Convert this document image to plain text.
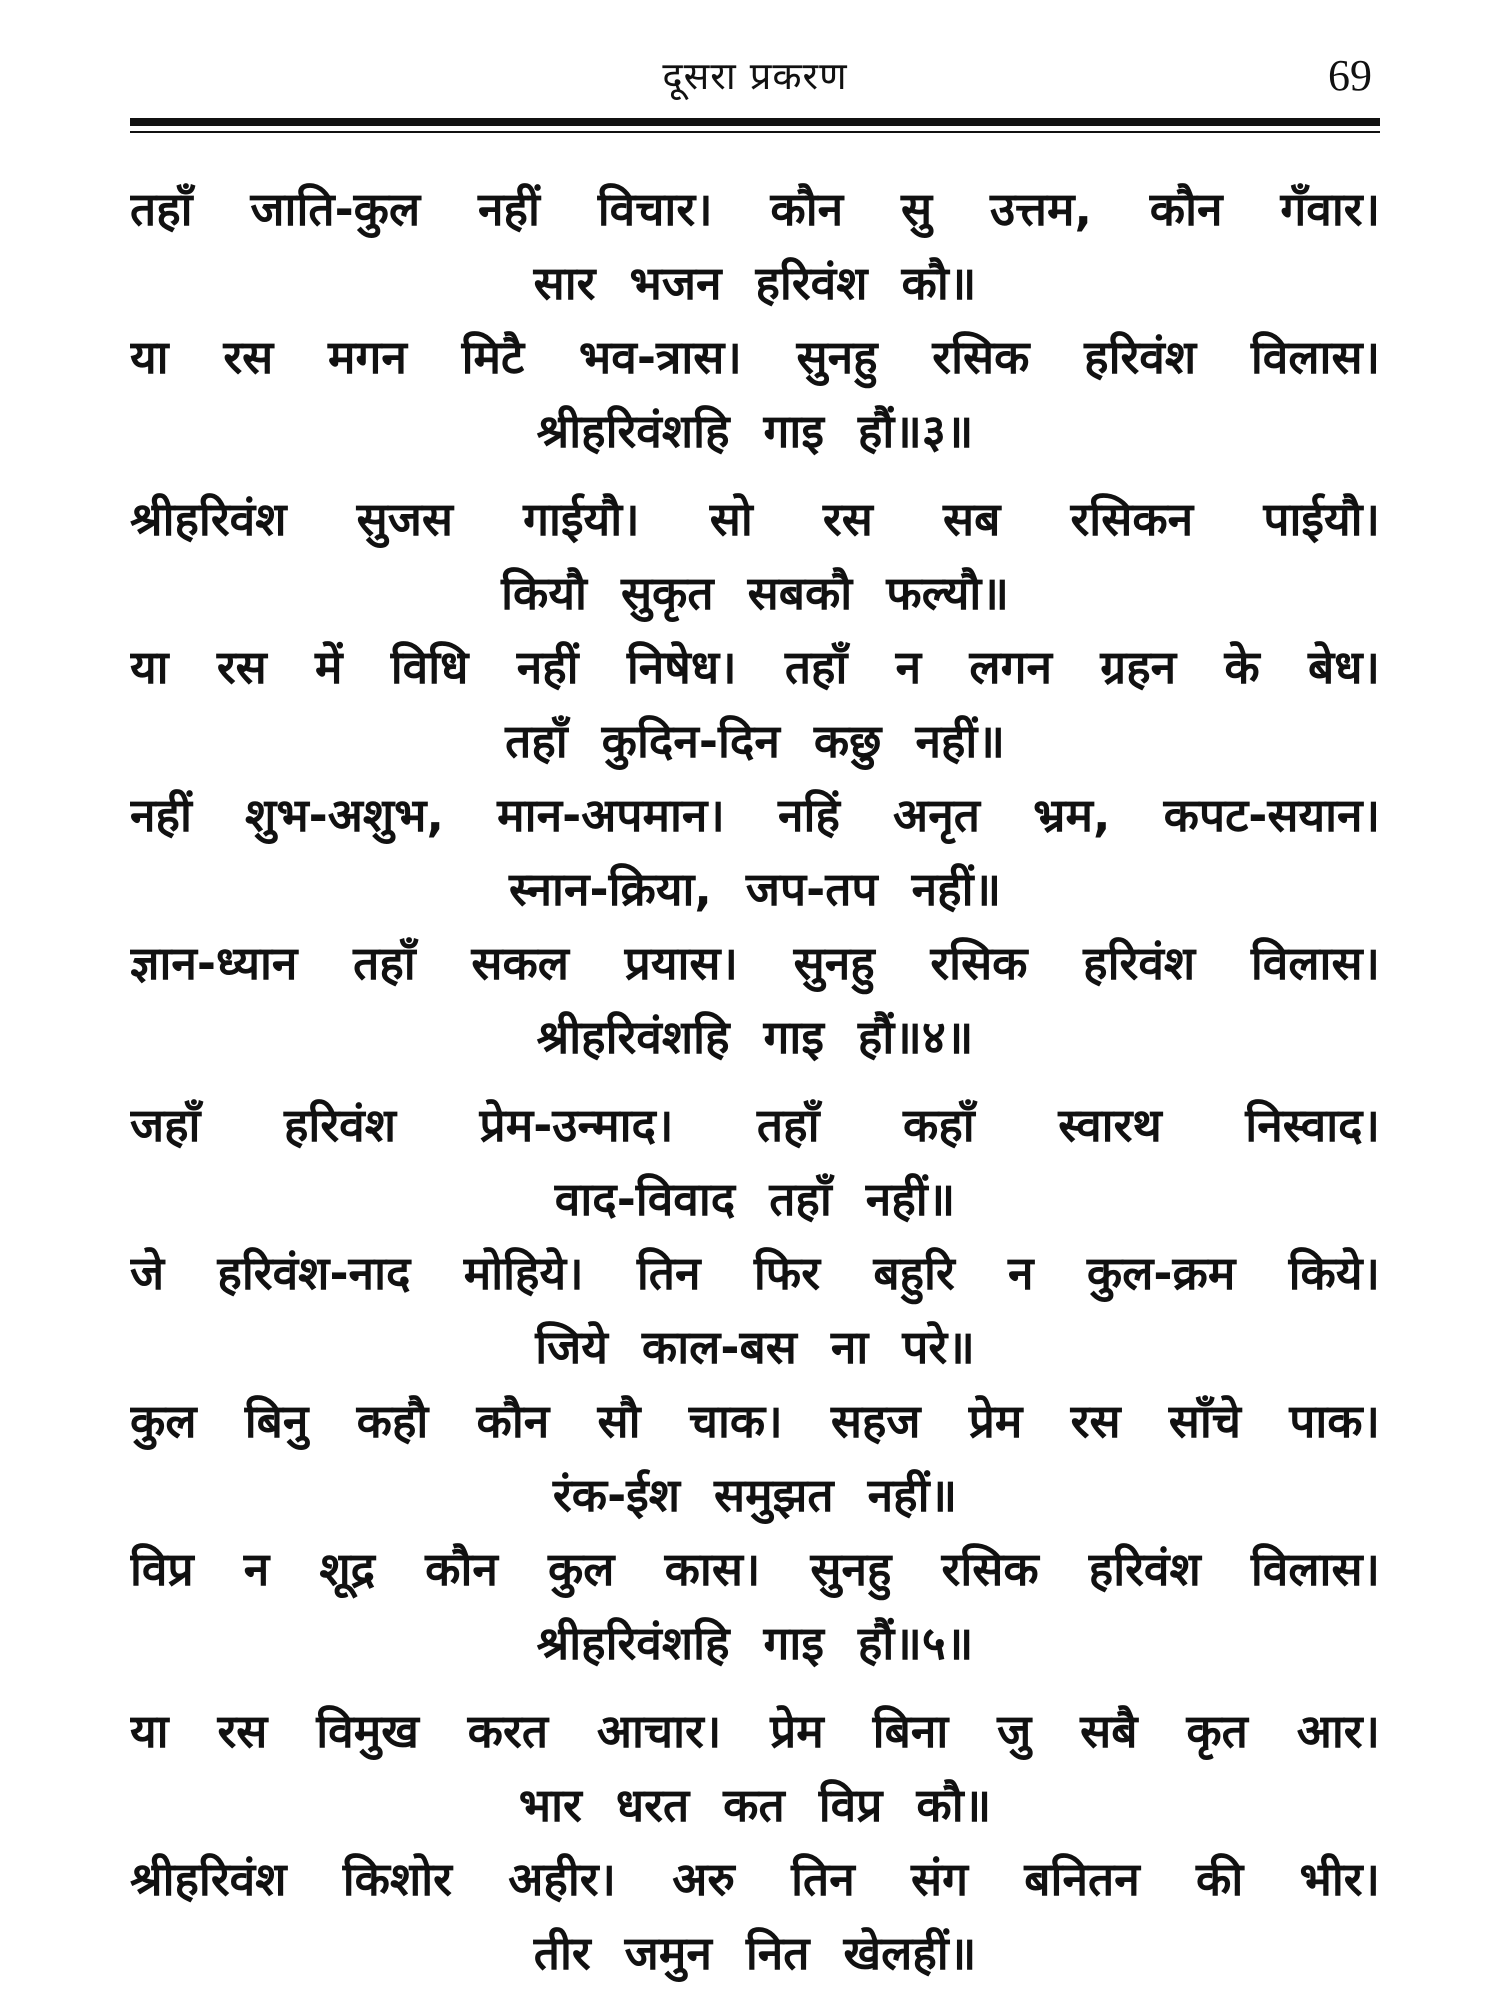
दूसरा प्रकरण	69
तहाँ जाति-कुल नहीं विचार। कौन सु उत्तम, कौन गँवार।
सार भजन हरिवंश कौ॥
या रस मगन मिटै भव-त्रास। सुनहु रसिक हरिवंश विलास।
श्रीहरिवंशहि गाइ हौं॥३॥
श्रीहरिवंश सुजस गाईयौ। सो रस सब रसिकन पाईयौ।
कियौ सुकृत सबकौ फल्यौ॥
या रस में विधि नहीं निषेध। तहाँ न लगन ग्रहन के बेध।
तहाँ कुदिन-दिन कछु नहीं॥
नहीं शुभ-अशुभ, मान-अपमान। नहिं अनृत भ्रम, कपट-सयान।
स्नान-क्रिया, जप-तप नहीं॥
ज्ञान-ध्यान तहाँ सकल प्रयास। सुनहु रसिक हरिवंश विलास।
श्रीहरिवंशहि गाइ हौं॥४॥
जहाँ हरिवंश प्रेम-उन्माद। तहाँ कहाँ स्वारथ निस्वाद।
वाद-विवाद तहाँ नहीं॥
जे हरिवंश-नाद मोहिये। तिन फिर बहुरि न कुल-क्रम किये।
जिये काल-बस ना परे॥
कुल बिनु कहौ कौन सौ चाक। सहज प्रेम रस साँचे पाक।
रंक-ईश समुझत नहीं॥
विप्र न शूद्र कौन कुल कास। सुनहु रसिक हरिवंश विलास।
श्रीहरिवंशहि गाइ हौं॥५॥
या रस विमुख करत आचार। प्रेम बिना जु सबै कृत आर।
भार धरत कत विप्र कौ॥
श्रीहरिवंश किशोर अहीर। अरु तिन संग बनितन की भीर।
तीर जमुन नित खेलहीं॥
